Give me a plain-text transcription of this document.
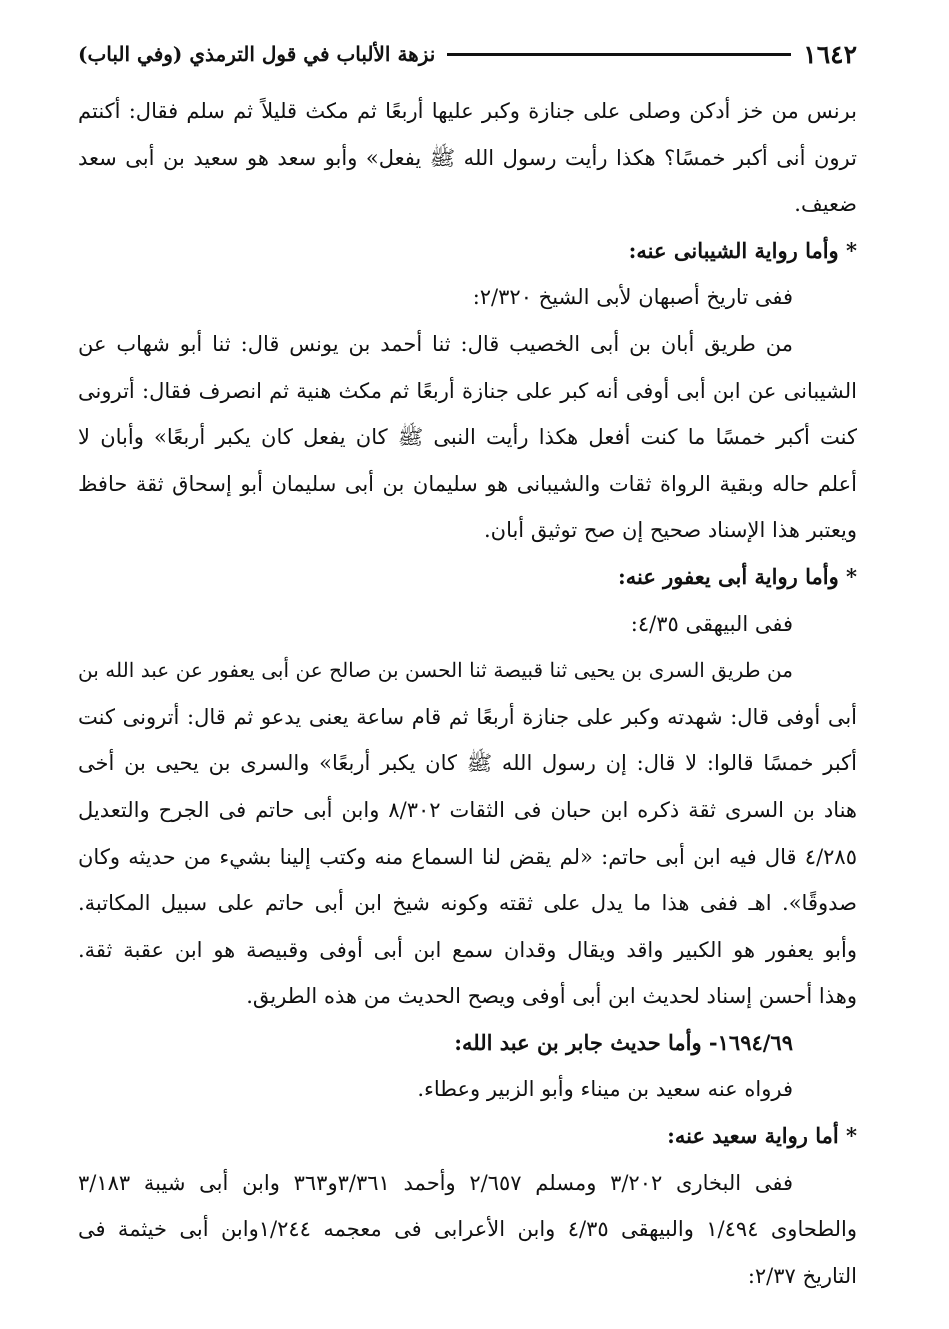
١٦٤٢
نزهة الألباب في قول الترمذي (وفي الباب)
برنس من خز أدكن وصلى على جنازة وكبر عليها أربعًا ثم مكث قليلاً ثم سلم فقال: أكنتم
ترون أنى أكبر خمسًا؟ هكذا رأيت رسول الله ﷺ يفعل» وأبو سعد هو سعيد بن أبى سعد
ضعيف.
* وأما رواية الشيبانى عنه:
ففى تاريخ أصبهان لأبى الشيخ ٢/٣٢٠:
من طريق أبان بن أبى الخصيب قال: ثنا أحمد بن يونس قال: ثنا أبو شهاب عن
الشيبانى عن ابن أبى أوفى أنه كبر على جنازة أربعًا ثم مكث هنية ثم انصرف فقال: أترونى
كنت أكبر خمسًا ما كنت أفعل هكذا رأيت النبى ﷺ كان يفعل كان يكبر أربعًا» وأبان لا
أعلم حاله وبقية الرواة ثقات والشيبانى هو سليمان بن أبى سليمان أبو إسحاق ثقة حافظ
ويعتبر هذا الإسناد صحيح إن صح توثيق أبان.
* وأما رواية أبى يعفور عنه:
ففى البيهقى ٤/٣٥:
من طريق السرى بن يحيى ثنا قبيصة ثنا الحسن بن صالح عن أبى يعفور عن عبد الله بن
أبى أوفى قال: شهدته وكبر على جنازة أربعًا ثم قام ساعة يعنى يدعو ثم قال: أترونى كنت
أكبر خمسًا قالوا: لا قال: إن رسول الله ﷺ كان يكبر أربعًا» والسرى بن يحيى بن أخى
هناد بن السرى ثقة ذكره ابن حبان فى الثقات ٨/٣٠٢ وابن أبى حاتم فى الجرح والتعديل
٤/٢٨٥ قال فيه ابن أبى حاتم: «لم يقض لنا السماع منه وكتب إلينا بشيء من حديثه وكان
صدوقًا». اهـ ففى هذا ما يدل على ثقته وكونه شيخ ابن أبى حاتم على سبيل المكاتبة.
وأبو يعفور هو الكبير واقد ويقال وقدان سمع ابن أبى أوفى وقبيصة هو ابن عقبة ثقة.
وهذا أحسن إسناد لحديث ابن أبى أوفى ويصح الحديث من هذه الطريق.
١٦٩٤/٦٩- وأما حديث جابر بن عبد الله:
فرواه عنه سعيد بن ميناء وأبو الزبير وعطاء.
* أما رواية سعيد عنه:
ففى البخارى ٣/٢٠٢ ومسلم ٢/٦٥٧ وأحمد ٣/٣٦١و٣٦٣ وابن أبى شيبة ٣/١٨٣
والطحاوى ١/٤٩٤ والبيهقى ٤/٣٥ وابن الأعرابى فى معجمه ١/٢٤٤وابن أبى خيثمة فى
التاريخ ٢/٣٧:
